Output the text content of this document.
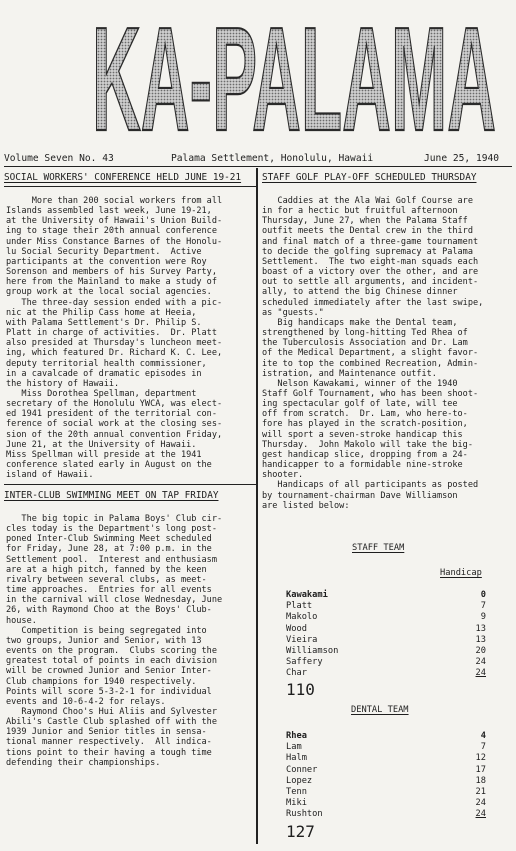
KA-PALAMA
Volume Seven No. 43	Palama Settlement, Honolulu, Hawaii	June 25, 1940
SOCIAL WORKERS' CONFERENCE HELD JUNE 19-21
More than 200 social workers from all
Islands assembled last week, June 19-21,
at the University of Hawaii's Union Build-
ing to stage their 20th annual conference
under Miss Constance Barnes of the Honolu-
lu Social Security Department.  Active
participants at the convention were Roy
Sorenson and members of his Survey Party,
here from the Mainland to make a study of
group work at the local social agencies.
The three-day session ended with a pic-
nic at the Philip Cass home at Heeia,
with Palama Settlement's Dr. Philip S.
Platt in charge of activities.  Dr. Platt
also presided at Thursday's luncheon meet-
ing, which featured Dr. Richard K. C. Lee,
deputy territorial health commissioner,
in a cavalcade of dramatic episodes in
the history of Hawaii.
Miss Dorothea Spellman, department
secretary of the Honolulu YWCA, was elect-
ed 1941 president of the territorial con-
ference of social work at the closing ses-
sion of the 20th annual convention Friday,
June 21, at the University of Hawaii.
Miss Spellman will preside at the 1941
conference slated early in August on the
island of Hawaii.
INTER-CLUB SWIMMING MEET ON TAP FRIDAY
The big topic in Palama Boys' Club cir-
cles today is the Department's long post-
poned Inter-Club Swimming Meet scheduled
for Friday, June 28, at 7:00 p.m. in the
Settlement pool.  Interest and enthusiasm
are at a high pitch, fanned by the keen
rivalry between several clubs, as meet-
time approaches.  Entries for all events
in the carnival will close Wednesday, June
26, with Raymond Choo at the Boys' Club-
house.
Competition is being segregated into
two groups, Junior and Senior, with 13
events on the program.  Clubs scoring the
greatest total of points in each division
will be crowned Junior and Senior Inter-
Club champions for 1940 respectively.
Points will score 5-3-2-1 for individual
events and 10-6-4-2 for relays.
Raymond Choo's Hui Aliis and Sylvester
Abili's Castle Club splashed off with the
1939 Junior and Senior titles in sensa-
tional manner respectively.  All indica-
tions point to their having a tough time
defending their championships.
STAFF GOLF PLAY-OFF SCHEDULED THURSDAY
Caddies at the Ala Wai Golf Course are
in for a hectic but fruitful afternoon
Thursday, June 27, when the Palama Staff
outfit meets the Dental crew in the third
and final match of a three-game tournament
to decide the golfing supremacy at Palama
Settlement.  The two eight-man squads each
boast of a victory over the other, and are
out to settle all arguments, and incident-
ally, to attend the big Chinese dinner
scheduled immediately after the last swipe,
as "guests."
Big handicaps make the Dental team,
strengthened by long-hitting Ted Rhea of
the Tuberculosis Association and Dr. Lam
of the Medical Department, a slight favor-
ite to top the combined Recreation, Admin-
istration, and Maintenance outfit.
Nelson Kawakami, winner of the 1940
Staff Golf Tournament, who has been shoot-
ing spectacular golf of late, will tee
off from scratch.  Dr. Lam, who here-to-
fore has played in the scratch-position,
will sport a seven-stroke handicap this
Thursday.  John Makolo will take the big-
gest handicap slice, dropping from a 24-
handicapper to a formidable nine-stroke
shooter.
Handicaps of all participants as posted
by tournament-chairman Dave Williamson
are listed below:
STAFF TEAM
Handicap
Kawakami	0
Platt	7
Makolo	9
Wood	13
Vieira	13
Williamson	20
Saffery	24
Char	24
110
DENTAL TEAM
Rhea	4
Lam	7
Halm	12
Conner	17
Lopez	18
Tenn	21
Miki	24
Rushton	24
127
